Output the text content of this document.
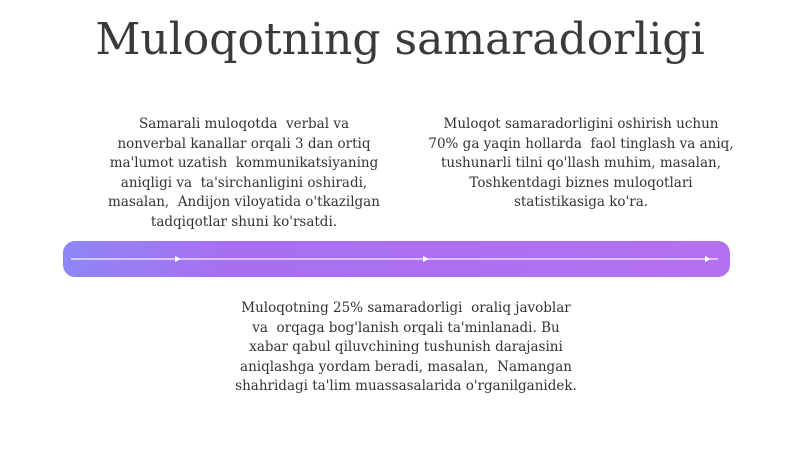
Muloqotning samaradorligi
Samarali muloqotda  verbal va
nonverbal kanallar orqali 3 dan ortiq
ma'lumot uzatish  kommunikatsiyaning
aniqligi va  ta'sirchanligini oshiradi,
masalan,  Andijon viloyatida o'tkazilgan
tadqiqotlar shuni ko'rsatdi.
Muloqot samaradorligini oshirish uchun
70% ga yaqin hollarda  faol tinglash va aniq,
tushunarli tilni qo'llash muhim, masalan,
Toshkentdagi biznes muloqotlari
statistikasiga ko'ra.
Muloqotning 25% samaradorligi  oraliq javoblar
va  orqaga bog'lanish orqali ta'minlanadi. Bu
xabar qabul qiluvchining tushunish darajasini
aniqlashga yordam beradi, masalan,  Namangan
shahridagi ta'lim muassasalarida o'rganilganidek.
